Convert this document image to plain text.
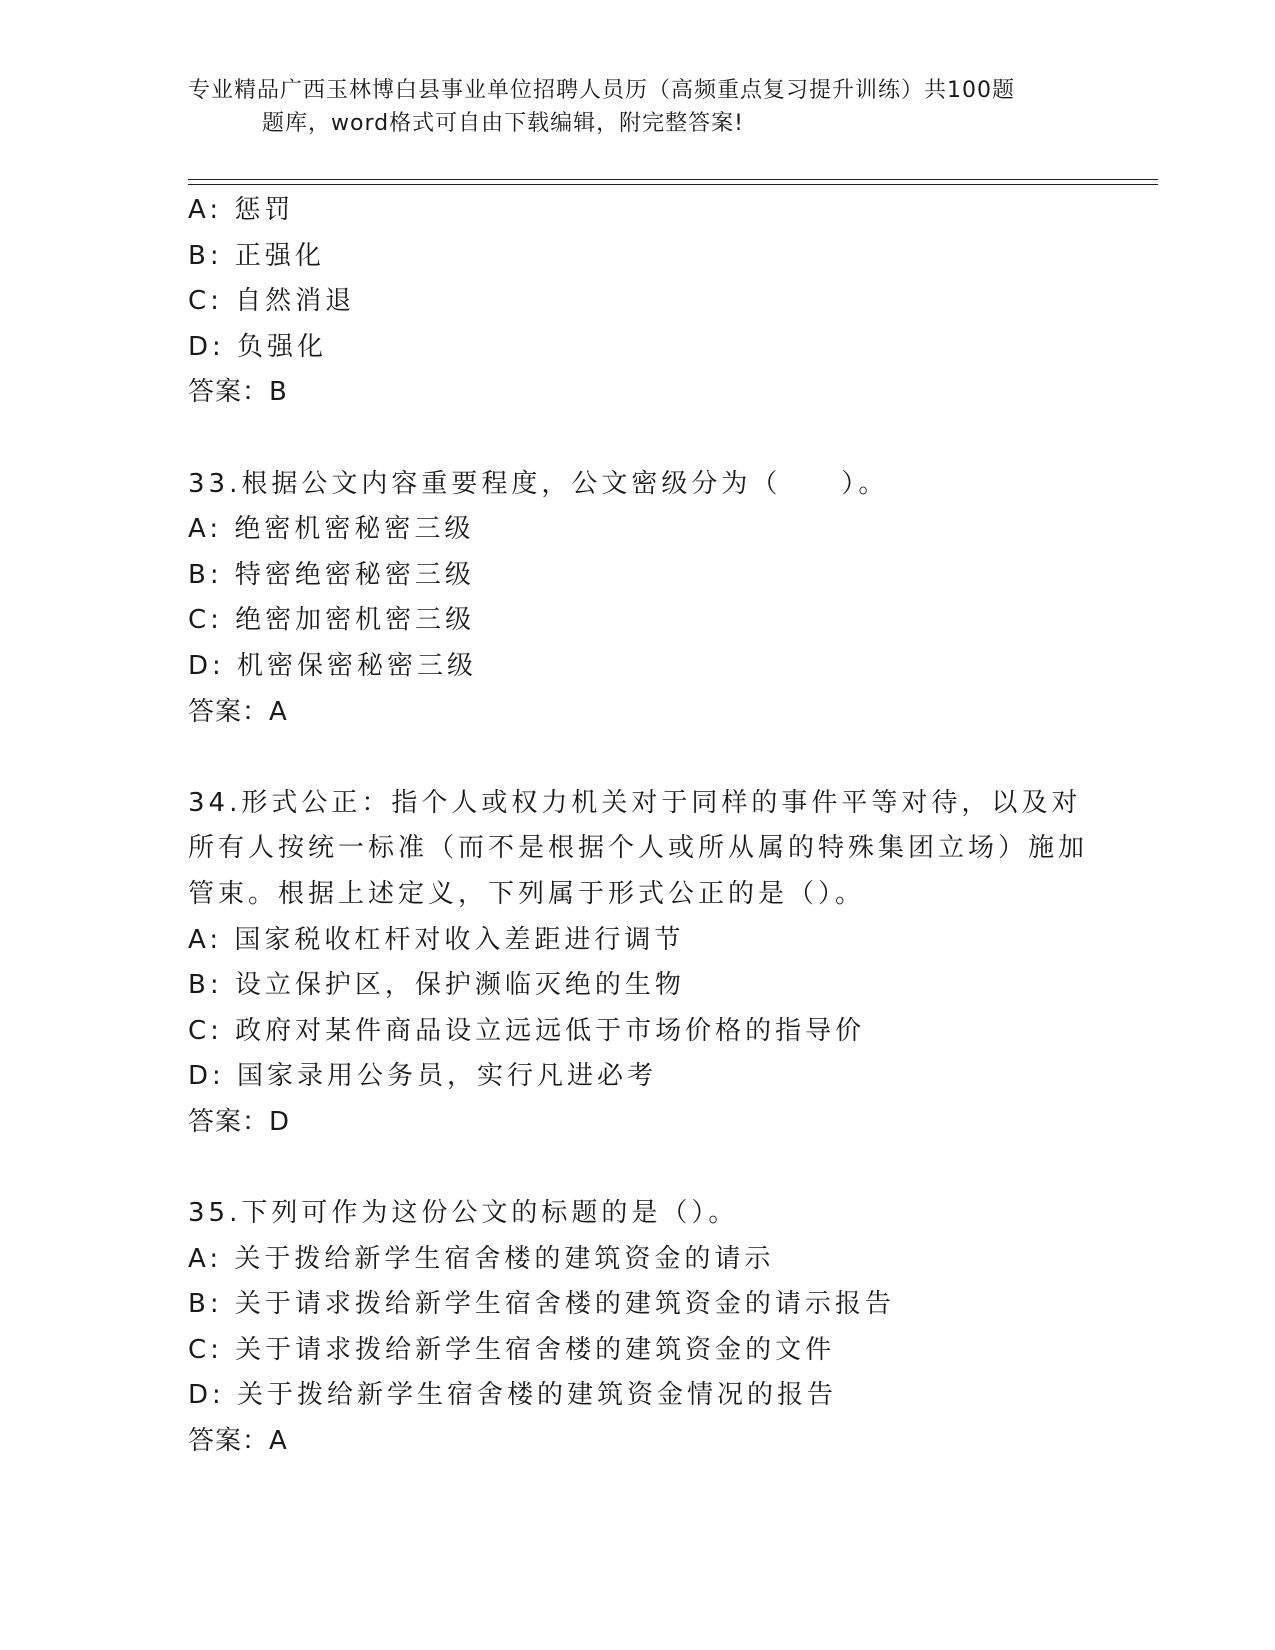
专业精品广西玉林博白县事业单位招聘人员历（高频重点复习提升训练）共100题
题库，word格式可自由下载编辑，附完整答案!
A: 惩罚
B: 正强化
C: 自然消退
D: 负强化
答案：B
33.根据公文内容重要程度，公文密级分为（　　）。
A: 绝密机密秘密三级
B: 特密绝密秘密三级
C: 绝密加密机密三级
D: 机密保密秘密三级
答案：A
34.形式公正：指个人或权力机关对于同样的事件平等对待，以及对所有人按统一标准（而不是根据个人或所从属的特殊集团立场）施加管束。根据上述定义，下列属于形式公正的是（）。
A: 国家税收杠杆对收入差距进行调节
B: 设立保护区，保护濒临灭绝的生物
C: 政府对某件商品设立远远低于市场价格的指导价
D: 国家录用公务员，实行凡进必考
答案：D
35.下列可作为这份公文的标题的是（）。
A: 关于拨给新学生宿舍楼的建筑资金的请示
B: 关于请求拨给新学生宿舍楼的建筑资金的请示报告
C: 关于请求拨给新学生宿舍楼的建筑资金的文件
D: 关于拨给新学生宿舍楼的建筑资金情况的报告
答案：A
